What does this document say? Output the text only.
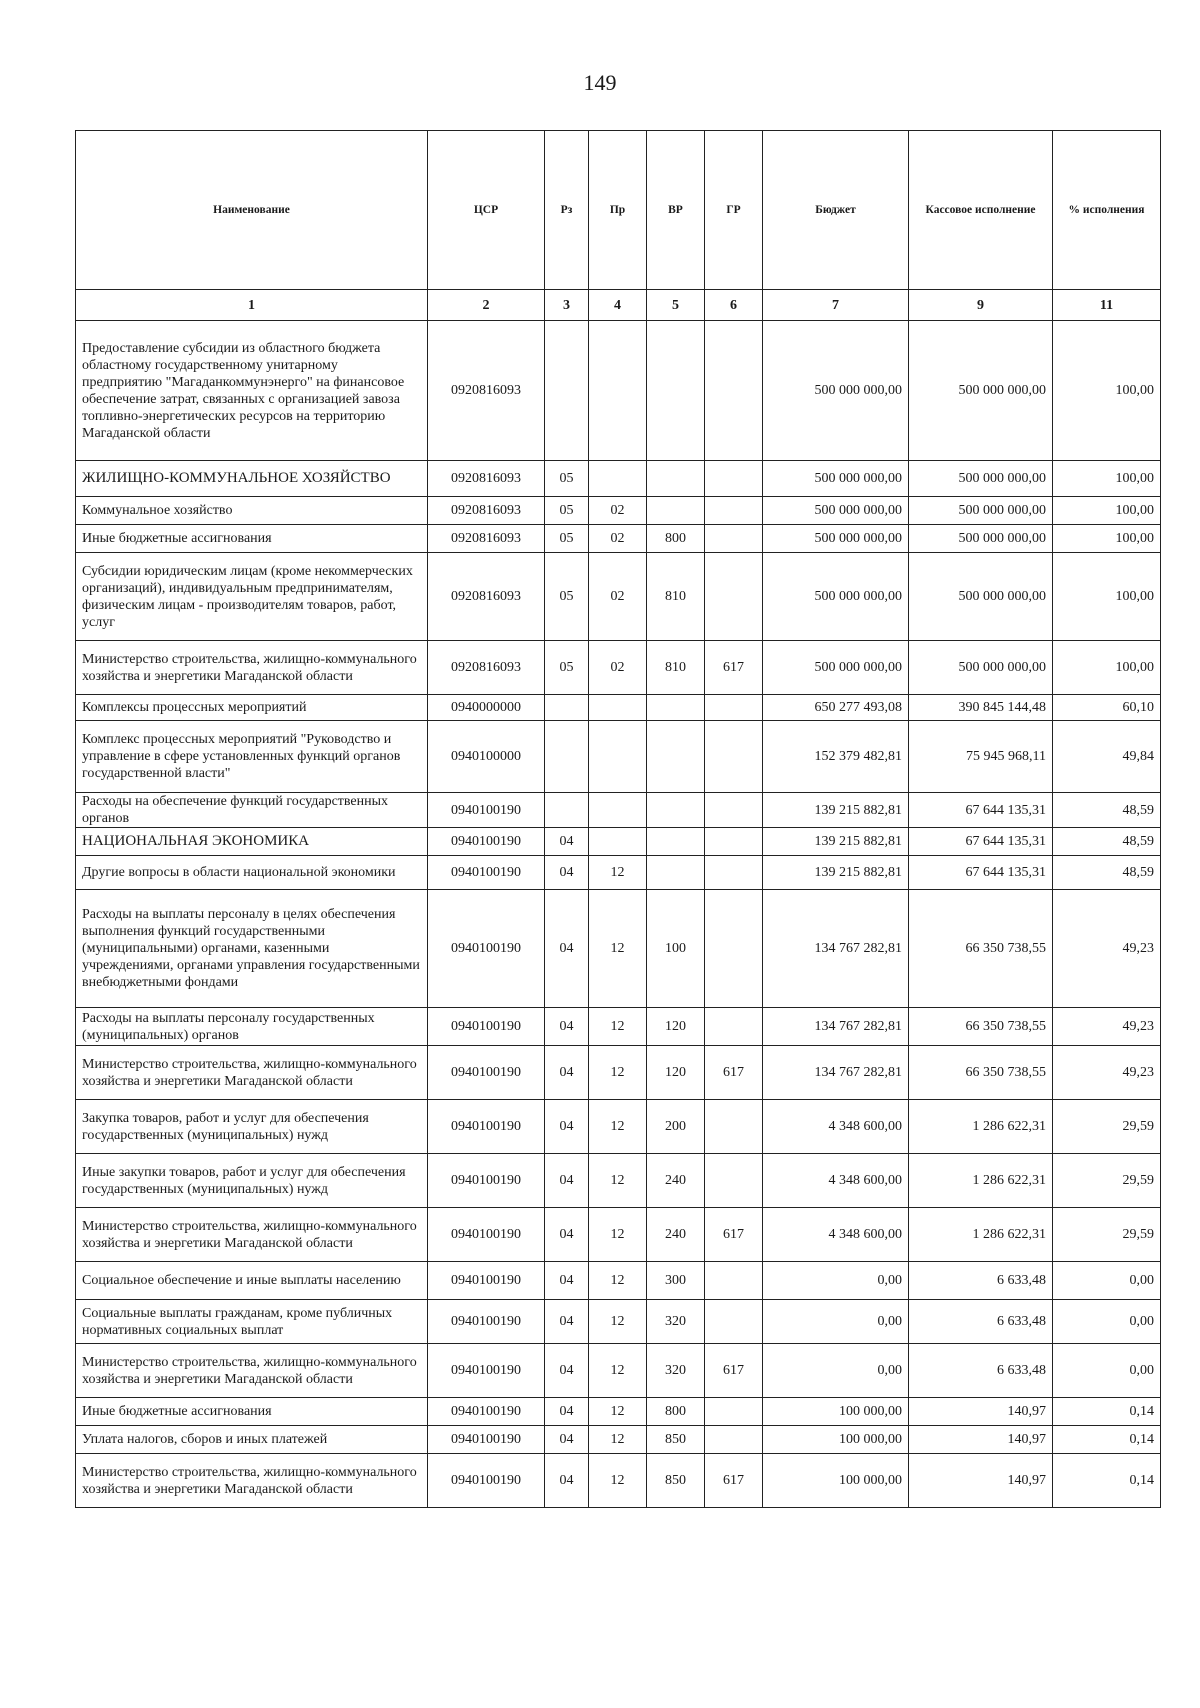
149
Наименование	ЦСР	Рз	Пр	ВР	ГР	Бюджет	Кассовое исполнение	% исполнения
1	2	3	4	5	6	7	9	11
Предоставление субсидии из областного бюджета областному государственному унитарному предприятию "Магаданкоммунэнерго" на финансовое обеспечение затрат, связанных с организацией завоза топливно-энергетических ресурсов на территорию Магаданской области	0920816093					500 000 000,00	500 000 000,00	100,00
ЖИЛИЩНО-КОММУНАЛЬНОЕ ХОЗЯЙСТВО	0920816093	05				500 000 000,00	500 000 000,00	100,00
Коммунальное хозяйство	0920816093	05	02			500 000 000,00	500 000 000,00	100,00
Иные бюджетные ассигнования	0920816093	05	02	800		500 000 000,00	500 000 000,00	100,00
Субсидии юридическим лицам (кроме некоммерческих организаций), индивидуальным предпринимателям, физическим лицам - производителям товаров, работ, услуг	0920816093	05	02	810		500 000 000,00	500 000 000,00	100,00
Министерство строительства, жилищно-коммунального хозяйства и энергетики Магаданской области	0920816093	05	02	810	617	500 000 000,00	500 000 000,00	100,00
Комплексы процессных мероприятий	0940000000					650 277 493,08	390 845 144,48	60,10
Комплекс процессных мероприятий "Руководство и управление в сфере установленных функций органов государственной власти"	0940100000					152 379 482,81	75 945 968,11	49,84
Расходы на обеспечение функций государственных органов	0940100190					139 215 882,81	67 644 135,31	48,59
НАЦИОНАЛЬНАЯ ЭКОНОМИКА	0940100190	04				139 215 882,81	67 644 135,31	48,59
Другие вопросы в области национальной экономики	0940100190	04	12			139 215 882,81	67 644 135,31	48,59
Расходы на выплаты персоналу в целях обеспечения выполнения функций государственными (муниципальными) органами, казенными учреждениями, органами управления государственными внебюджетными фондами	0940100190	04	12	100		134 767 282,81	66 350 738,55	49,23
Расходы на выплаты персоналу государственных (муниципальных) органов	0940100190	04	12	120		134 767 282,81	66 350 738,55	49,23
Министерство строительства, жилищно-коммунального хозяйства и энергетики Магаданской области	0940100190	04	12	120	617	134 767 282,81	66 350 738,55	49,23
Закупка товаров, работ и услуг для обеспечения государственных (муниципальных) нужд	0940100190	04	12	200		4 348 600,00	1 286 622,31	29,59
Иные закупки товаров, работ и услуг для обеспечения государственных (муниципальных) нужд	0940100190	04	12	240		4 348 600,00	1 286 622,31	29,59
Министерство строительства, жилищно-коммунального хозяйства и энергетики Магаданской области	0940100190	04	12	240	617	4 348 600,00	1 286 622,31	29,59
Социальное обеспечение и иные выплаты населению	0940100190	04	12	300		0,00	6 633,48	0,00
Социальные выплаты гражданам, кроме публичных нормативных социальных выплат	0940100190	04	12	320		0,00	6 633,48	0,00
Министерство строительства, жилищно-коммунального хозяйства и энергетики Магаданской области	0940100190	04	12	320	617	0,00	6 633,48	0,00
Иные бюджетные ассигнования	0940100190	04	12	800		100 000,00	140,97	0,14
Уплата налогов, сборов и иных платежей	0940100190	04	12	850		100 000,00	140,97	0,14
Министерство строительства, жилищно-коммунального хозяйства и энергетики Магаданской области	0940100190	04	12	850	617	100 000,00	140,97	0,14
